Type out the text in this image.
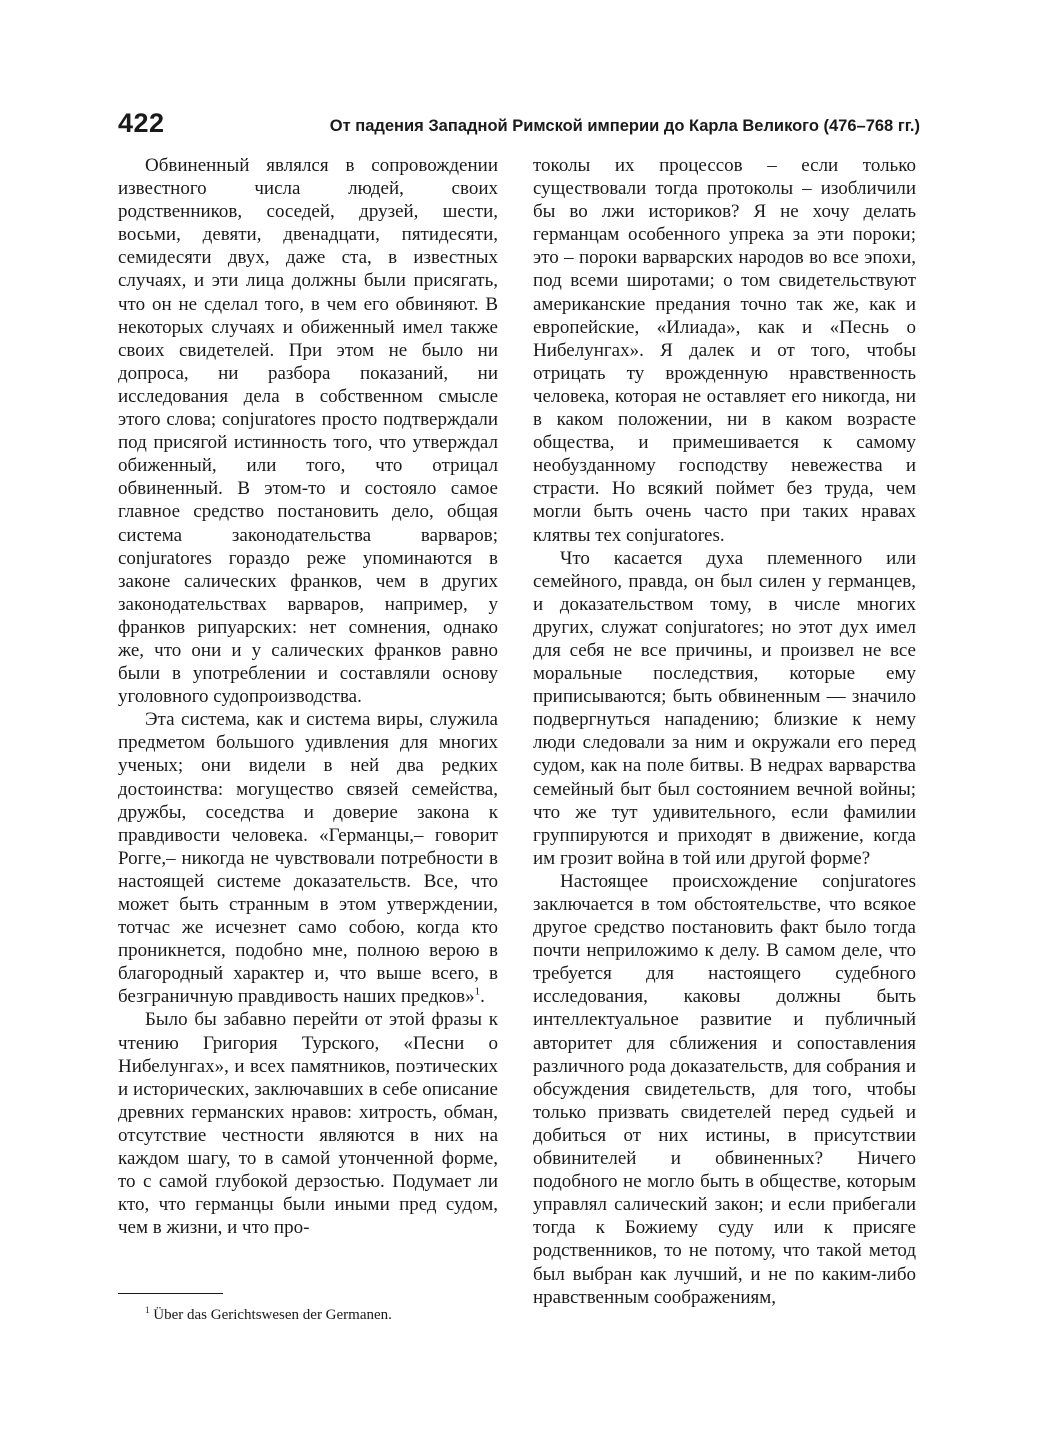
422	От падения Западной Римской империи до Карла Великого (476–768 гг.)

Обвиненный являлся в сопровождении известного числа людей, своих родственников, соседей, друзей, шести, восьми, девяти, двенадцати, пятидесяти, семидесяти двух, даже ста, в известных случаях, и эти лица должны были присягать, что он не сделал того, в чем его обвиняют. В некоторых случаях и обиженный имел также своих свидетелей. При этом не было ни допроса, ни разбора показаний, ни исследования дела в собственном смысле этого слова; conjuratores просто подтверждали под присягой истинность того, что утверждал обиженный, или того, что отрицал обвиненный. В этом-то и состояло самое главное средство постановить дело, общая система законодательства варваров; conjuratores гораздо реже упоминаются в законе салических франков, чем в других законодательствах варваров, например, у франков рипуарских: нет сомнения, однако же, что они и у салических франков равно были в употреблении и составляли основу уголовного судопроизводства.

Эта система, как и система виры, служила предметом большого удивления для многих ученых; они видели в ней два редких достоинства: могущество связей семейства, дружбы, соседства и доверие закона к правдивости человека. «Германцы,– говорит Рогге,– никогда не чувствовали потребности в настоящей системе доказательств. Все, что может быть странным в этом утверждении, тотчас же исчезнет само собою, когда кто проникнется, подобно мне, полною верою в благородный характер и, что выше всего, в безграничную правдивость наших предков»$^1$.

Было бы забавно перейти от этой фразы к чтению Григория Турского, «Песни о Нибелунгах», и всех памятников, поэтических и исторических, заключавших в себе описание древних германских нравов: хитрость, обман, отсутствие честности являются в них на каждом шагу, то в самой утонченной форме, то с самой глубокой дерзостью. Подумает ли кто, что германцы были иными пред судом, чем в жизни, и что про-

токолы их процессов – если только существовали тогда протоколы – изобличили бы во лжи историков? Я не хочу делать германцам особенного упрека за эти пороки; это – пороки варварских народов во все эпохи, под всеми широтами; о том свидетельствуют американские предания точно так же, как и европейские, «Илиада», как и «Песнь о Нибелунгах». Я далек и от того, чтобы отрицать ту врожденную нравственность человека, которая не оставляет его никогда, ни в каком положении, ни в каком возрасте общества, и примешивается к самому необузданному господству невежества и страсти. Но всякий поймет без труда, чем могли быть очень часто при таких нравах клятвы тех conjuratores.

Что касается духа племенного или семейного, правда, он был силен у германцев, и доказательством тому, в числе многих других, служат conjuratores; но этот дух имел для себя не все причины, и произвел не все моральные последствия, которые ему приписываются; быть обвиненным — значило подвергнуться нападению; близкие к нему люди следовали за ним и окружали его перед судом, как на поле битвы. В недрах варварства семейный быт был состоянием вечной войны; что же тут удивительного, если фамилии группируются и приходят в движение, когда им грозит война в той или другой форме?

Настоящее происхождение conjuratores заключается в том обстоятельстве, что всякое другое средство постановить факт было тогда почти неприложимо к делу. В самом деле, что требуется для настоящего судебного исследования, каковы должны быть интеллектуальное развитие и публичный авторитет для сближения и сопоставления различного рода доказательств, для собрания и обсуждения свидетельств, для того, чтобы только призвать свидетелей перед судьей и добиться от них истины, в присутствии обвинителей и обвиненных? Ничего подобного не могло быть в обществе, которым управлял салический закон; и если прибегали тогда к Божиему суду или к присяге родственников, то не потому, что такой метод был выбран как лучший, и не по каким-либо нравственным соображениям,

$^1$ Über das Gerichtswesen der Germanen.
